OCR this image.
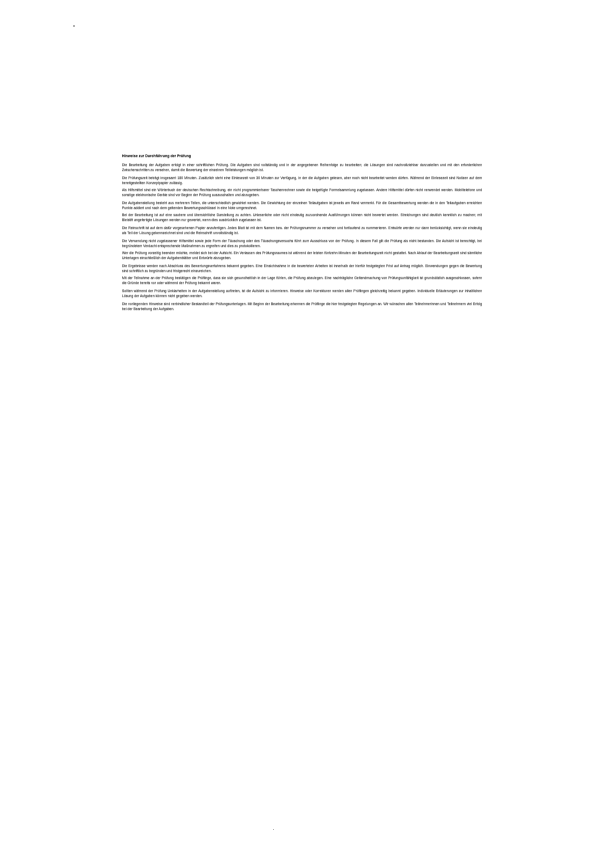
Hinweise zur Durchführung der Prüfung

Die Bearbeitung der Aufgaben erfolgt in einer schriftlichen Prüfung. Die Aufgaben sind vollständig und in der angegebenen Reihenfolge zu bearbeiten; die Lösungen sind nachvollziehbar darzustellen und mit den erforderlichen Zwischenschritten zu versehen, damit die Bewertung der einzelnen Teilleistungen möglich ist.

Die Prüfungszeit beträgt insgesamt 180 Minuten. Zusätzlich steht eine Einlesezeit von 30 Minuten zur Verfügung, in der die Aufgaben gelesen, aber noch nicht bearbeitet werden dürfen. Während der Einlesezeit sind Notizen auf dem bereitgestellten Konzeptpapier zulässig.

Als Hilfsmittel sind ein Wörterbuch der deutschen Rechtschreibung, ein nicht programmierbarer Taschenrechner sowie die beigefügte Formelsammlung zugelassen. Andere Hilfsmittel dürfen nicht verwendet werden. Mobiltelefone und sonstige elektronische Geräte sind vor Beginn der Prüfung auszuschalten und abzugeben.

Die Aufgabenstellung besteht aus mehreren Teilen, die unterschiedlich gewichtet werden. Die Gewichtung der einzelnen Teilaufgaben ist jeweils am Rand vermerkt. Für die Gesamtbewertung werden die in den Teilaufgaben erreichten Punkte addiert und nach dem geltenden Bewertungsschlüssel in eine Note umgerechnet.

Bei der Bearbeitung ist auf eine saubere und übersichtliche Darstellung zu achten. Unleserliche oder nicht eindeutig zuzuordnende Ausführungen können nicht bewertet werden. Streichungen sind deutlich kenntlich zu machen; mit Bleistift angefertigte Lösungen werden nur gewertet, wenn dies ausdrücklich zugelassen ist.

Die Reinschrift ist auf dem dafür vorgesehenen Papier anzufertigen. Jedes Blatt ist mit dem Namen bzw. der Prüfungsnummer zu versehen und fortlaufend zu nummerieren. Entwürfe werden nur dann berücksichtigt, wenn sie eindeutig als Teil der Lösung gekennzeichnet sind und die Reinschrift unvollständig ist.

Die Verwendung nicht zugelassener Hilfsmittel sowie jede Form der Täuschung oder des Täuschungsversuchs führt zum Ausschluss von der Prüfung. In diesem Fall gilt die Prüfung als nicht bestanden. Die Aufsicht ist berechtigt, bei begründetem Verdacht entsprechende Maßnahmen zu ergreifen und dies zu protokollieren.

Wer die Prüfung vorzeitig beenden möchte, meldet sich bei der Aufsicht. Ein Verlassen des Prüfungsraumes ist während der letzten fünfzehn Minuten der Bearbeitungszeit nicht gestattet. Nach Ablauf der Bearbeitungszeit sind sämtliche Unterlagen einschließlich der Aufgabenblätter und Entwürfe abzugeben.

Die Ergebnisse werden nach Abschluss des Bewertungsverfahrens bekannt gegeben. Eine Einsichtnahme in die bewerteten Arbeiten ist innerhalb der hierfür festgelegten Frist auf Antrag möglich. Einwendungen gegen die Bewertung sind schriftlich zu begründen und fristgerecht einzureichen.

Mit der Teilnahme an der Prüfung bestätigen die Prüflinge, dass sie sich gesundheitlich in der Lage fühlen, die Prüfung abzulegen. Eine nachträgliche Geltendmachung von Prüfungsunfähigkeit ist grundsätzlich ausgeschlossen, sofern die Gründe bereits vor oder während der Prüfung bekannt waren.

Sollten während der Prüfung Unklarheiten in der Aufgabenstellung auftreten, ist die Aufsicht zu informieren. Hinweise oder Korrekturen werden allen Prüflingen gleichzeitig bekannt gegeben. Individuelle Erläuterungen zur inhaltlichen Lösung der Aufgaben können nicht gegeben werden.

Die vorliegenden Hinweise sind verbindlicher Bestandteil der Prüfungsunterlagen. Mit Beginn der Bearbeitung erkennen die Prüflinge die hier festgelegten Regelungen an. Wir wünschen allen Teilnehmerinnen und Teilnehmern viel Erfolg bei der Bearbeitung der Aufgaben.
